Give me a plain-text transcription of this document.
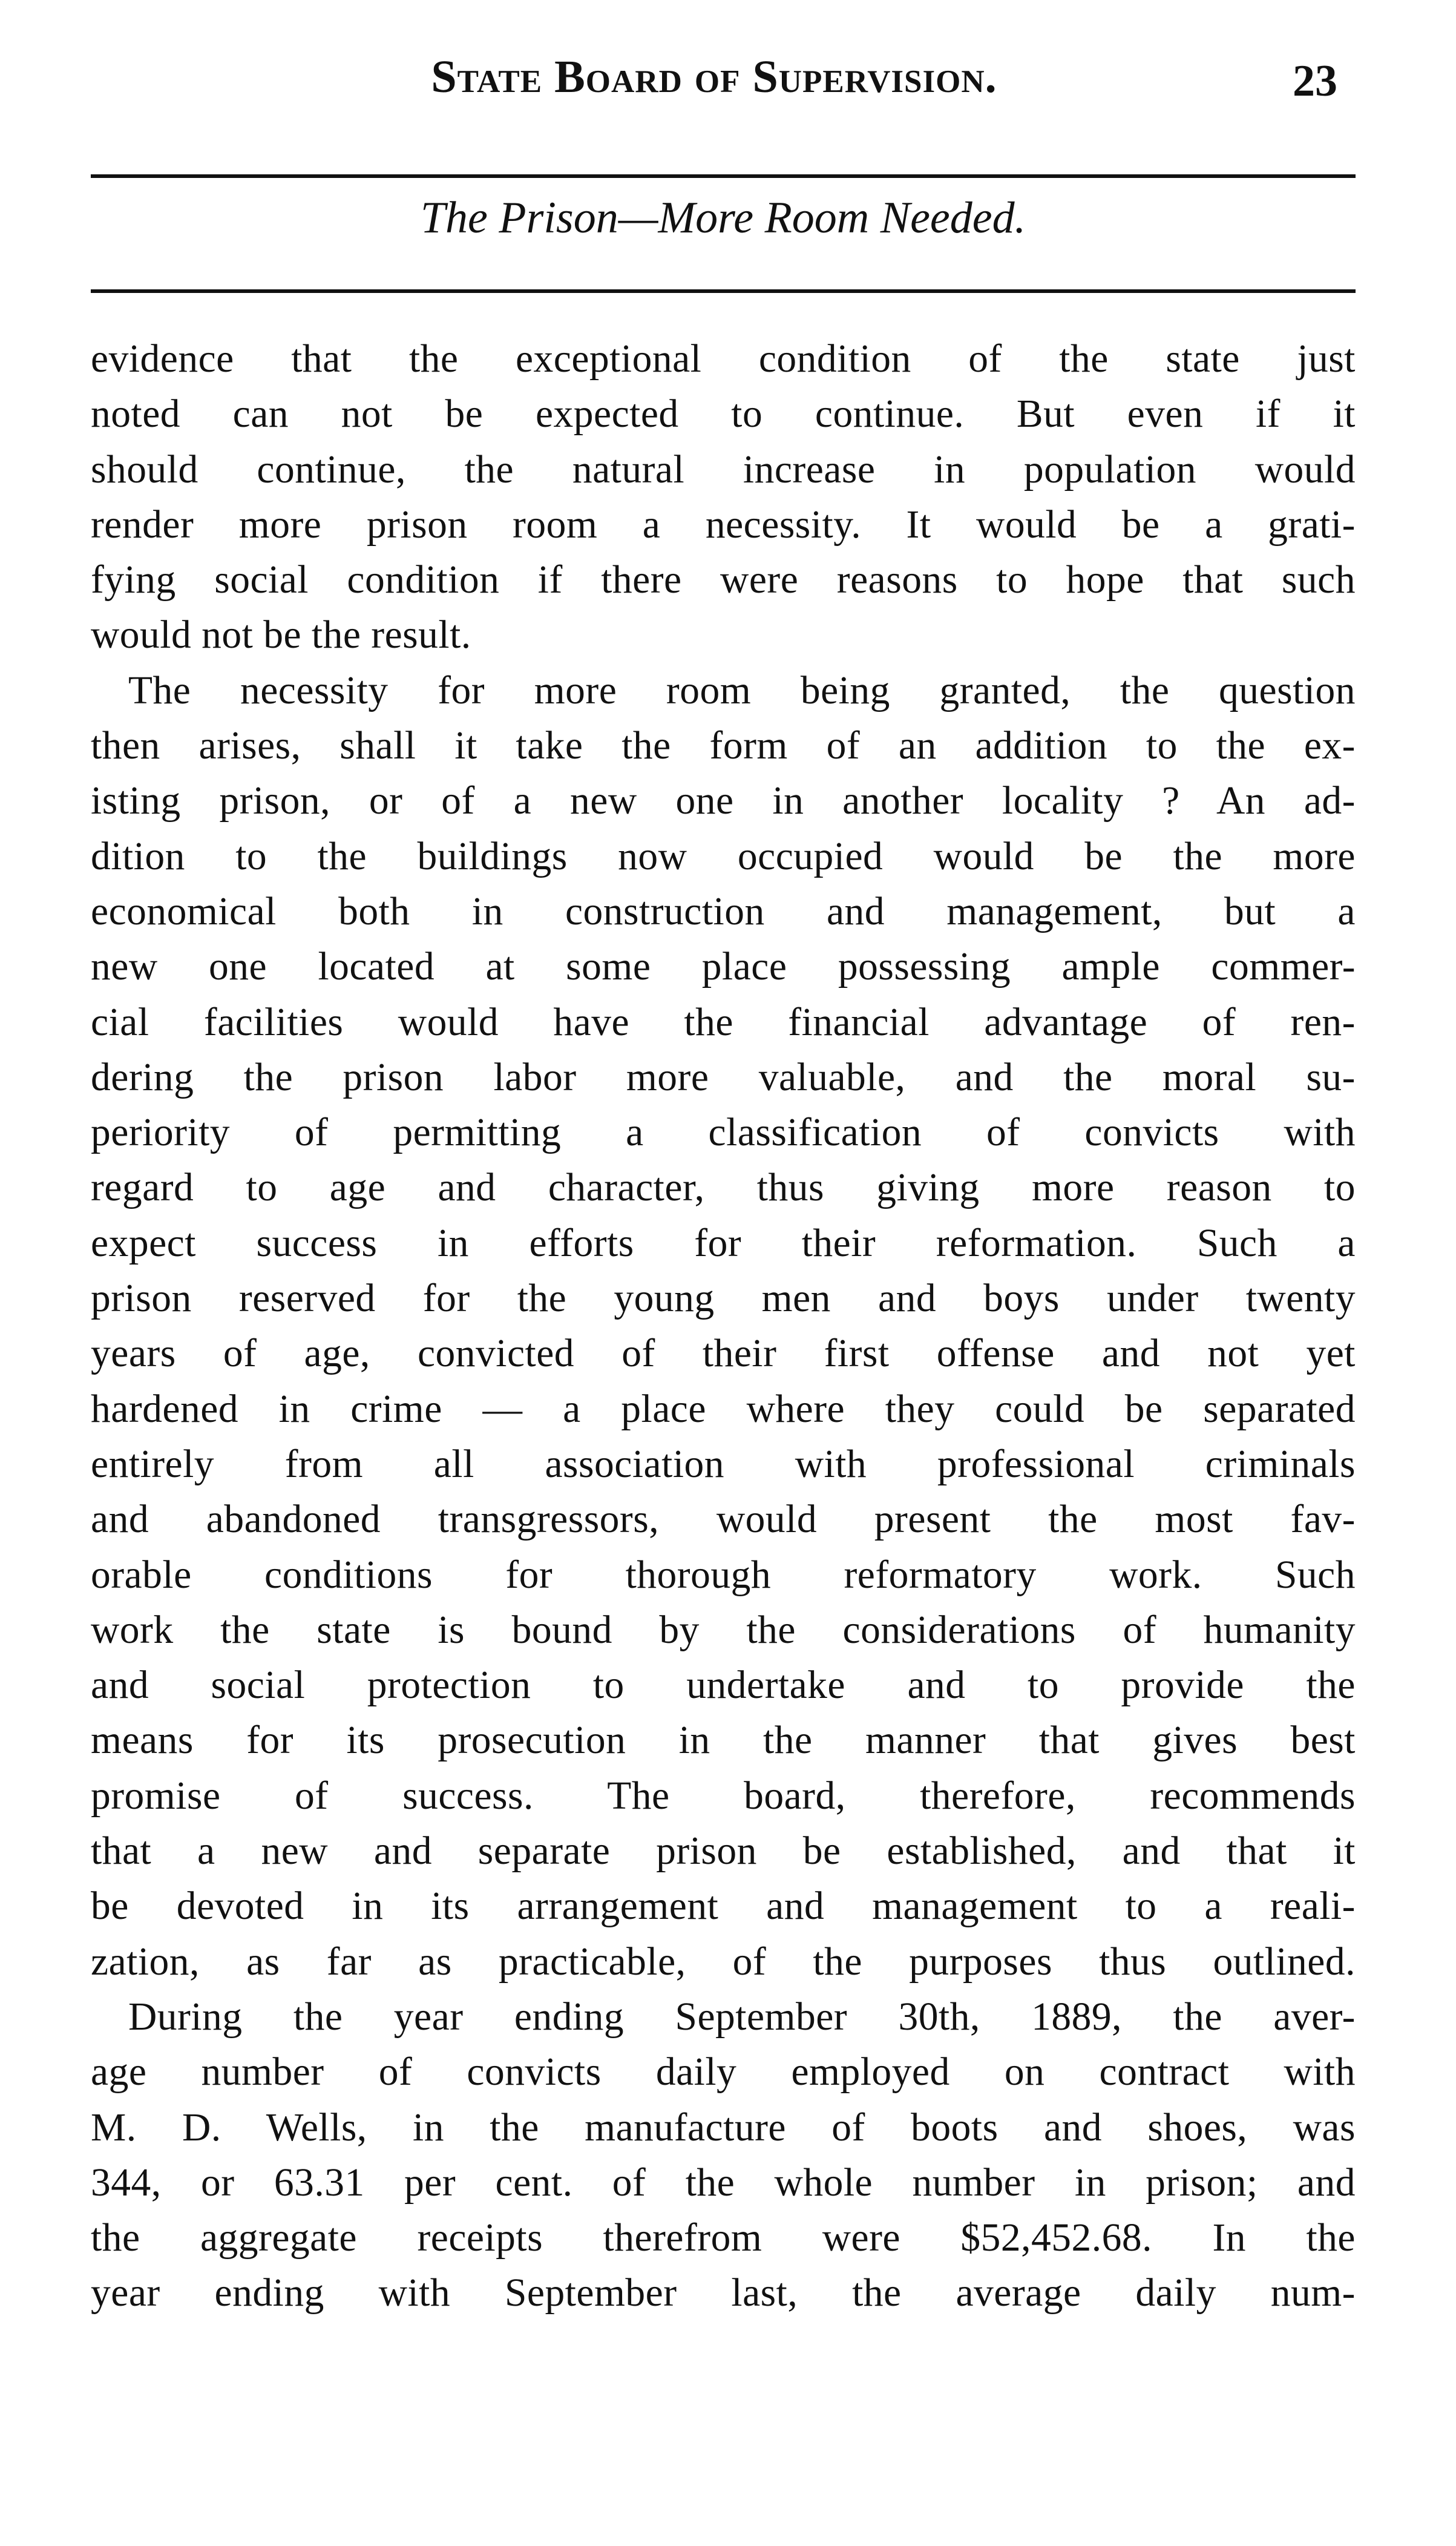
State Board of Supervision.	23
The Prison—More Room Needed.
evidence that the exceptional condition of the state just
noted can not be expected to continue. But even if it
should continue, the natural increase in population would
render more prison room a necessity. It would be a grati-
fying social condition if there were reasons to hope that such
would not be the result.
The necessity for more room being granted, the question
then arises, shall it take the form of an addition to the ex-
isting prison, or of a new one in another locality ? An ad-
dition to the buildings now occupied would be the more
economical both in construction and management, but a
new one located at some place possessing ample commer-
cial facilities would have the financial advantage of ren-
dering the prison labor more valuable, and the moral su-
periority of permitting a classification of convicts with
regard to age and character, thus giving more reason to
expect success in efforts for their reformation. Such a
prison reserved for the young men and boys under twenty
years of age, convicted of their first offense and not yet
hardened in crime — a place where they could be separated
entirely from all association with professional criminals
and abandoned transgressors, would present the most fav-
orable conditions for thorough reformatory work. Such
work the state is bound by the considerations of humanity
and social protection to undertake and to provide the
means for its prosecution in the manner that gives best
promise of success. The board, therefore, recommends
that a new and separate prison be established, and that it
be devoted in its arrangement and management to a reali-
zation, as far as practicable, of the purposes thus outlined.
During the year ending September 30th, 1889, the aver-
age number of convicts daily employed on contract with
M. D. Wells, in the manufacture of boots and shoes, was
344, or 63.31 per cent. of the whole number in prison; and
the aggregate receipts therefrom were $52,452.68. In the
year ending with September last, the average daily num-
